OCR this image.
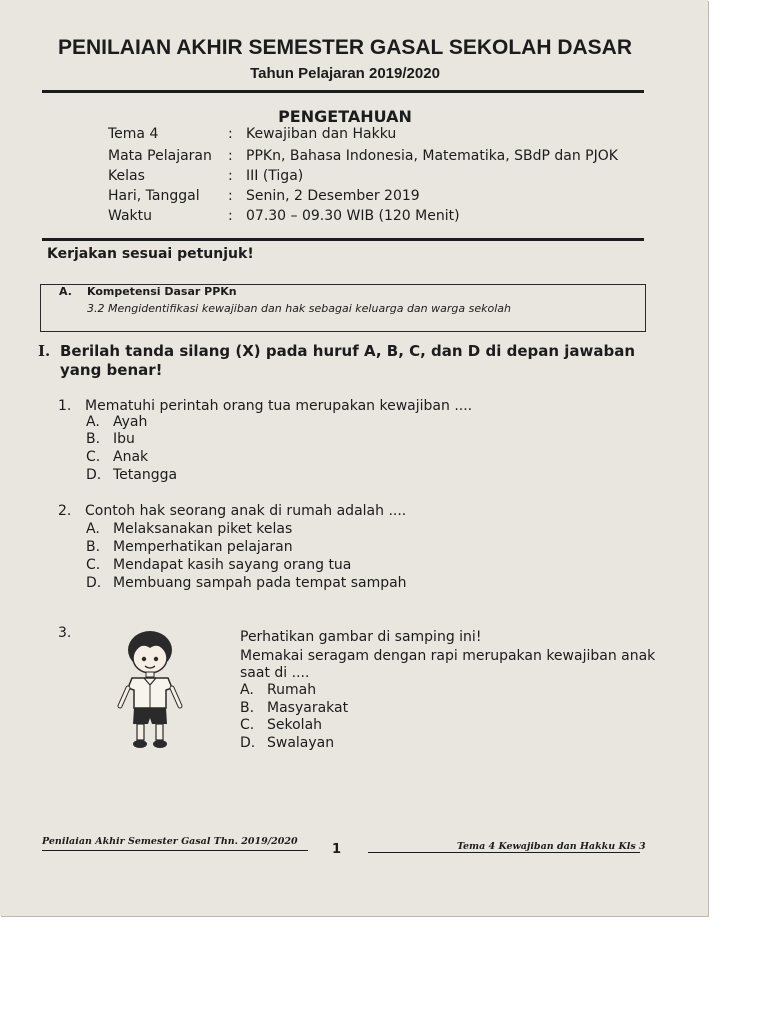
PENILAIAN AKHIR SEMESTER GASAL SEKOLAH DASAR
Tahun Pelajaran 2019/2020
PENGETAHUAN
Tema 4	: Kewajiban dan Hakku
Mata Pelajaran : PPKn, Bahasa Indonesia, Matematika, SBdP dan PJOK
Kelas	: III (Tiga)
Hari, Tanggal : Senin, 2 Desember 2019
Waktu	: 07.30 – 09.30 WIB (120 Menit)
Kerjakan sesuai petunjuk!
A. Kompetensi Dasar PPKn
3.2 Mengidentifikasi kewajiban dan hak sebagai keluarga dan warga sekolah
I. Berilah tanda silang (X) pada huruf A, B, C, dan D di depan jawaban yang benar!
1. Mematuhi perintah orang tua merupakan kewajiban ....
A. Ayah
B. Ibu
C. Anak
D. Tetangga
2. Contoh hak seorang anak di rumah adalah ....
A. Melaksanakan piket kelas
B. Memperhatikan pelajaran
C. Mendapat kasih sayang orang tua
D. Membuang sampah pada tempat sampah
3.	Perhatikan gambar di samping ini!
Memakai seragam dengan rapi merupakan kewajiban anak
saat di ....
A. Rumah
B. Masyarakat
C. Sekolah
D. Swalayan
Penilaian Akhir Semester Gasal Thn. 2019/2020
1	Tema 4 Kewajiban dan Hakku Kls 3
